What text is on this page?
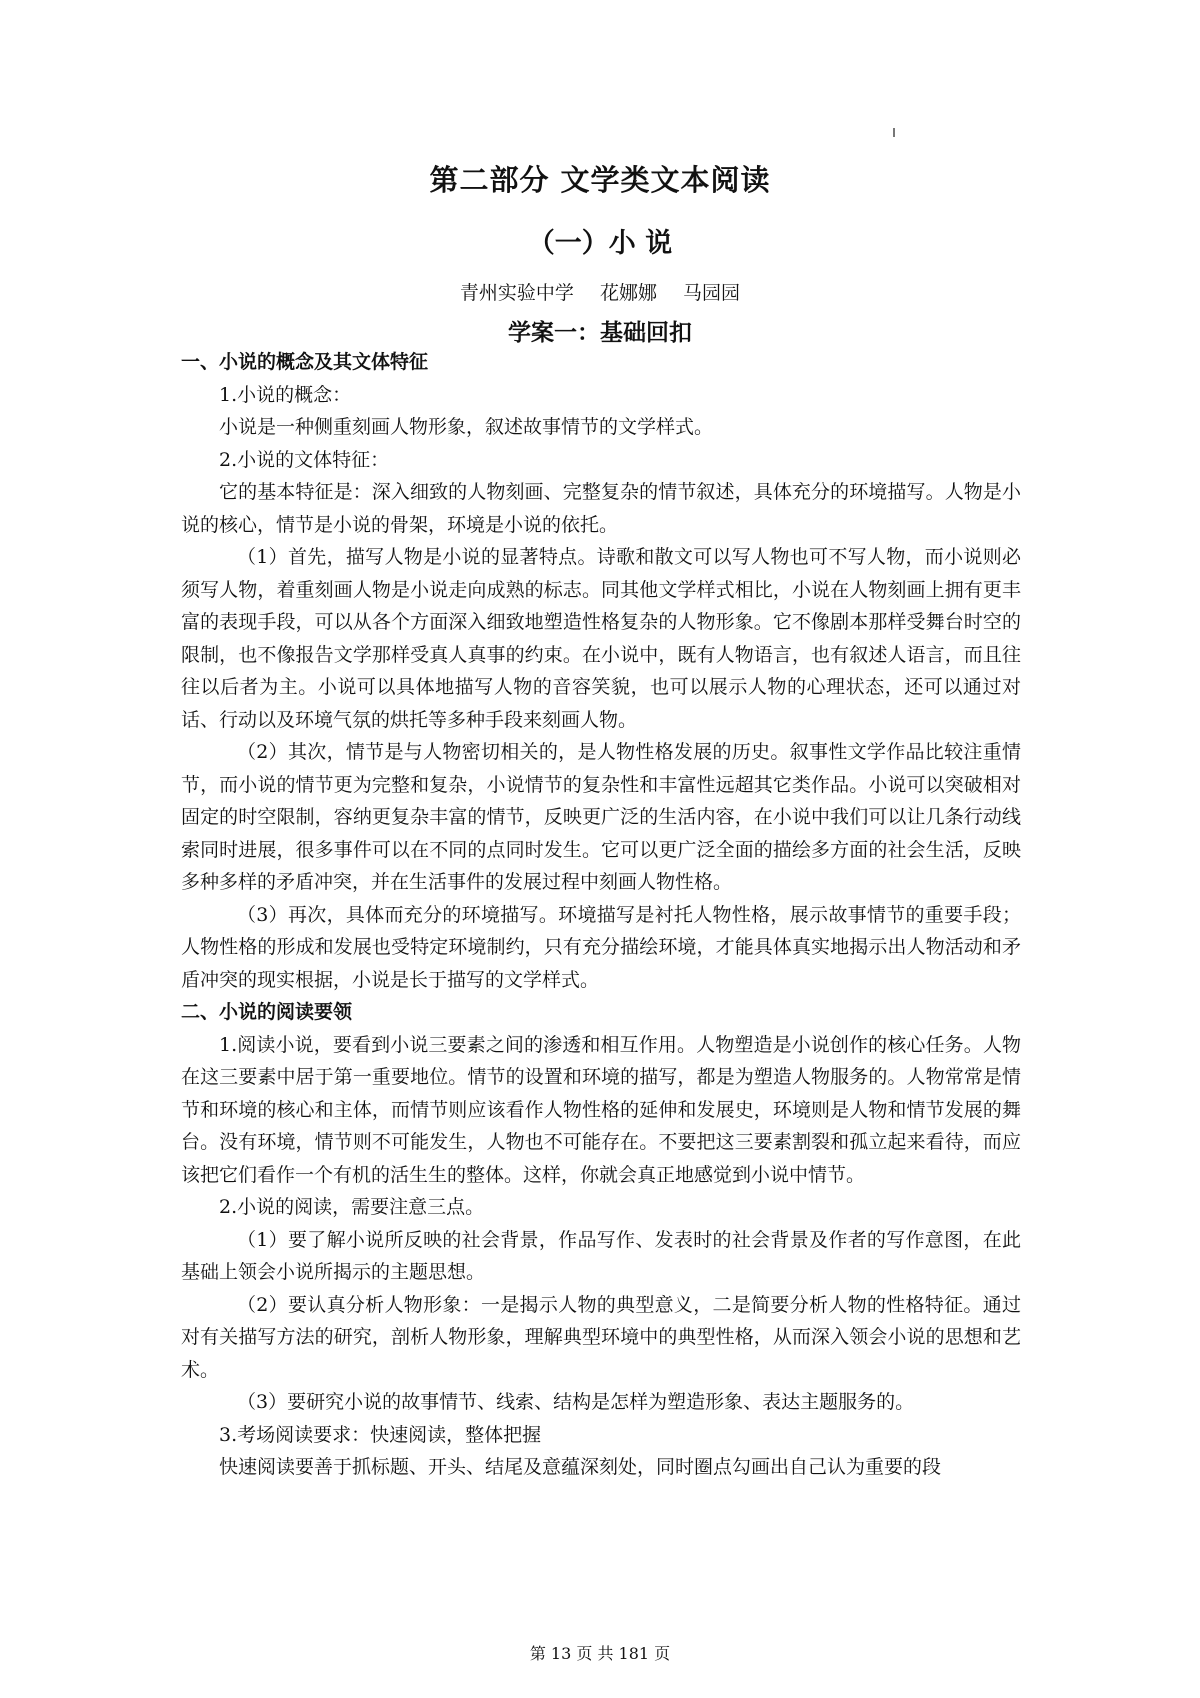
第二部分 文学类文本阅读
（一）小 说
青州实验中学 花娜娜 马园园
学案一：基础回扣
一、小说的概念及其文体特征

1.小说的概念：

小说是一种侧重刻画人物形象，叙述故事情节的文学样式。

2.小说的文体特征：

它的基本特征是：深入细致的人物刻画、完整复杂的情节叙述，具体充分的环境描写。人物是小说的核心，情节是小说的骨架，环境是小说的依托。

（1）首先，描写人物是小说的显著特点。诗歌和散文可以写人物也可不写人物，而小说则必须写人物，着重刻画人物是小说走向成熟的标志。同其他文学样式相比，小说在人物刻画上拥有更丰富的表现手段，可以从各个方面深入细致地塑造性格复杂的人物形象。它不像剧本那样受舞台时空的限制，也不像报告文学那样受真人真事的约束。在小说中，既有人物语言，也有叙述人语言，而且往往以后者为主。小说可以具体地描写人物的音容笑貌，也可以展示人物的心理状态，还可以通过对话、行动以及环境气氛的烘托等多种手段来刻画人物。

（2）其次，情节是与人物密切相关的，是人物性格发展的历史。叙事性文学作品比较注重情节，而小说的情节更为完整和复杂，小说情节的复杂性和丰富性远超其它类作品。小说可以突破相对固定的时空限制，容纳更复杂丰富的情节，反映更广泛的生活内容，在小说中我们可以让几条行动线索同时进展，很多事件可以在不同的点同时发生。它可以更广泛全面的描绘多方面的社会生活，反映多种多样的矛盾冲突，并在生活事件的发展过程中刻画人物性格。

（3）再次，具体而充分的环境描写。环境描写是衬托人物性格，展示故事情节的重要手段；人物性格的形成和发展也受特定环境制约，只有充分描绘环境，才能具体真实地揭示出人物活动和矛盾冲突的现实根据，小说是长于描写的文学样式。

二、小说的阅读要领

1.阅读小说，要看到小说三要素之间的渗透和相互作用。人物塑造是小说创作的核心任务。人物在这三要素中居于第一重要地位。情节的设置和环境的描写，都是为塑造人物服务的。人物常常是情节和环境的核心和主体，而情节则应该看作人物性格的延伸和发展史，环境则是人物和情节发展的舞台。没有环境，情节则不可能发生，人物也不可能存在。不要把这三要素割裂和孤立起来看待，而应该把它们看作一个有机的活生生的整体。这样，你就会真正地感觉到小说中情节。

2.小说的阅读，需要注意三点。

（1）要了解小说所反映的社会背景，作品写作、发表时的社会背景及作者的写作意图，在此基础上领会小说所揭示的主题思想。

（2）要认真分析人物形象：一是揭示人物的典型意义，二是简要分析人物的性格特征。通过对有关描写方法的研究，剖析人物形象，理解典型环境中的典型性格，从而深入领会小说的思想和艺术。

（3）要研究小说的故事情节、线索、结构是怎样为塑造形象、表达主题服务的。

3.考场阅读要求：快速阅读，整体把握

快速阅读要善于抓标题、开头、结尾及意蕴深刻处，同时圈点勾画出自己认为重要的段

第 13 页 共 181 页
